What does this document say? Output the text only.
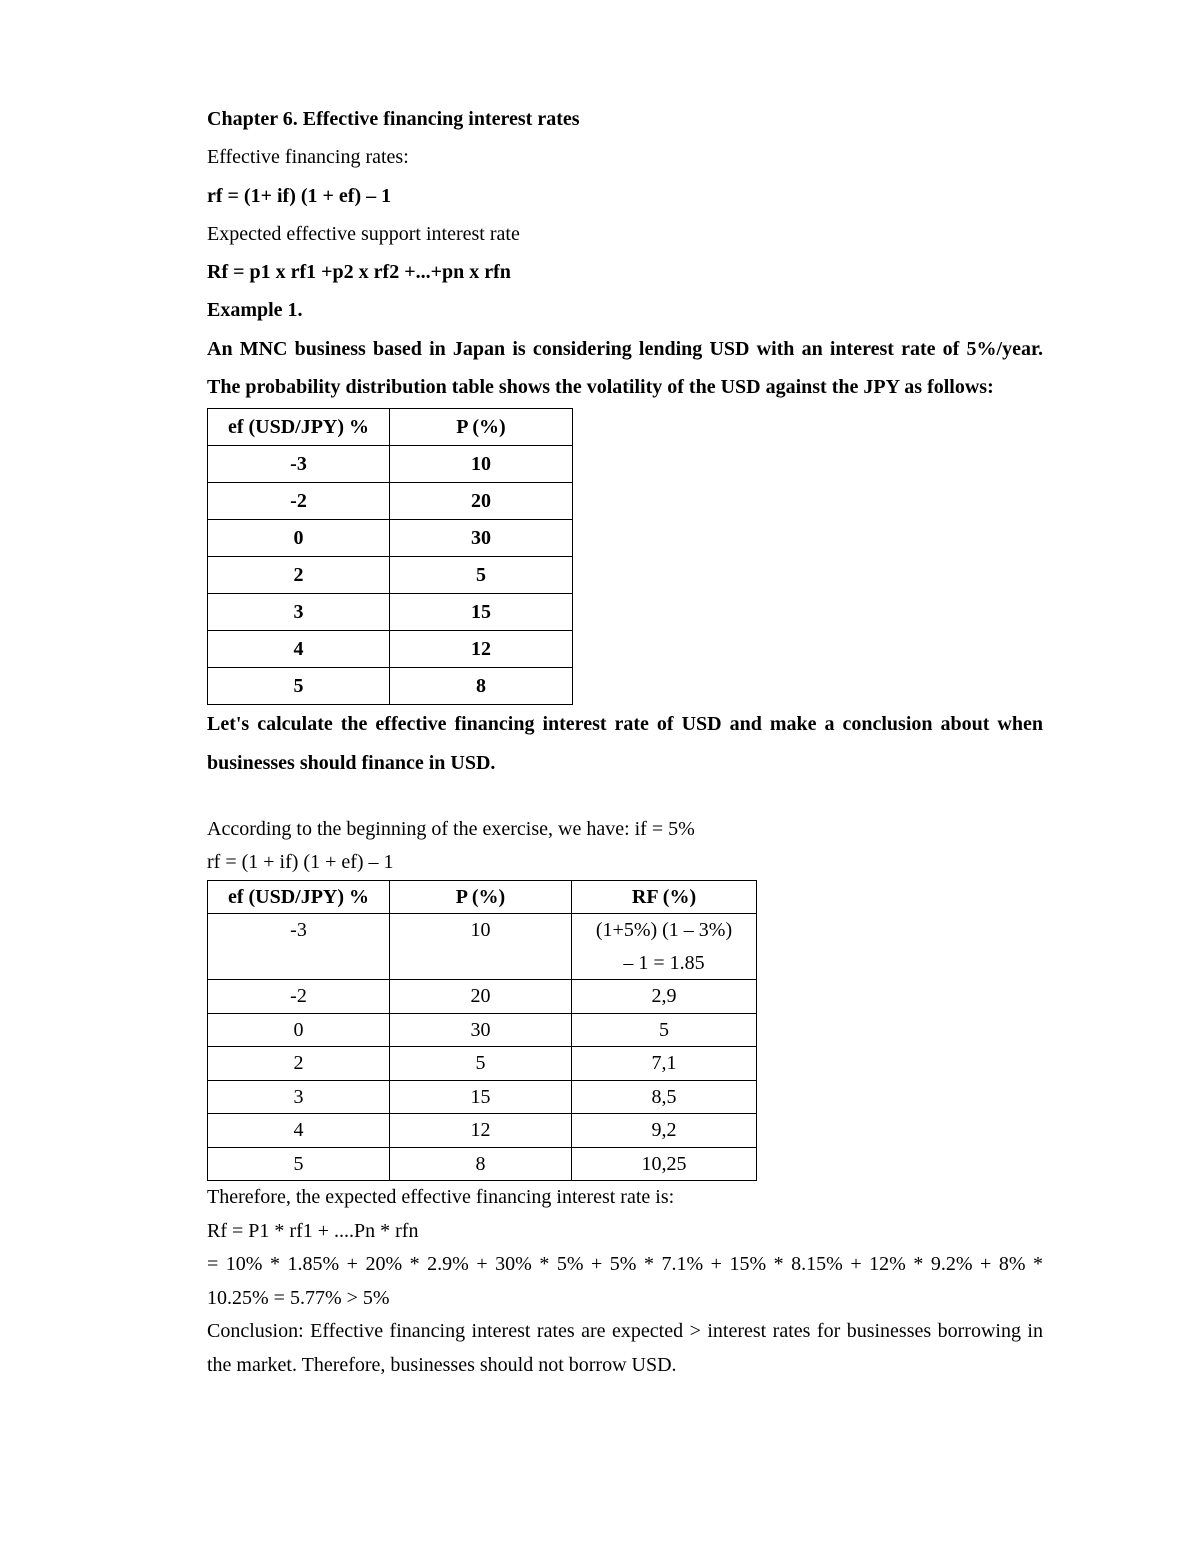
Chapter 6. Effective financing interest rates
Effective financing rates:
rf = (1+ if) (1 + ef) – 1
Expected effective support interest rate
Rf = p1 x rf1 +p2 x rf2 +...+pn x rfn
Example 1.
An MNC business based in Japan is considering lending USD with an interest rate of 5%/year. The probability distribution table shows the volatility of the USD against the JPY as follows:
ef (USD/JPY) %	P (%)
-3	10
-2	20
0	30
2	5
3	15
4	12
5	8
Let's calculate the effective financing interest rate of USD and make a conclusion about when businesses should finance in USD.
According to the beginning of the exercise, we have: if = 5%
rf = (1 + if) (1 + ef) – 1
ef (USD/JPY) %	P (%)	RF (%)
-3	10	(1+5%) (1 – 3%)
– 1 = 1.85

-2	20	2,9
0	30	5
2	5	7,1
3	15	8,5
4	12	9,2
5	8	10,25
Therefore, the expected effective financing interest rate is:
Rf = P1 * rf1 + ....Pn * rfn
= 10% * 1.85% + 20% * 2.9% + 30% * 5% + 5% * 7.1% + 15% * 8.15% + 12% * 9.2% + 8% * 10.25% = 5.77% > 5%
Conclusion: Effective financing interest rates are expected > interest rates for businesses borrowing in the market. Therefore, businesses should not borrow USD.
